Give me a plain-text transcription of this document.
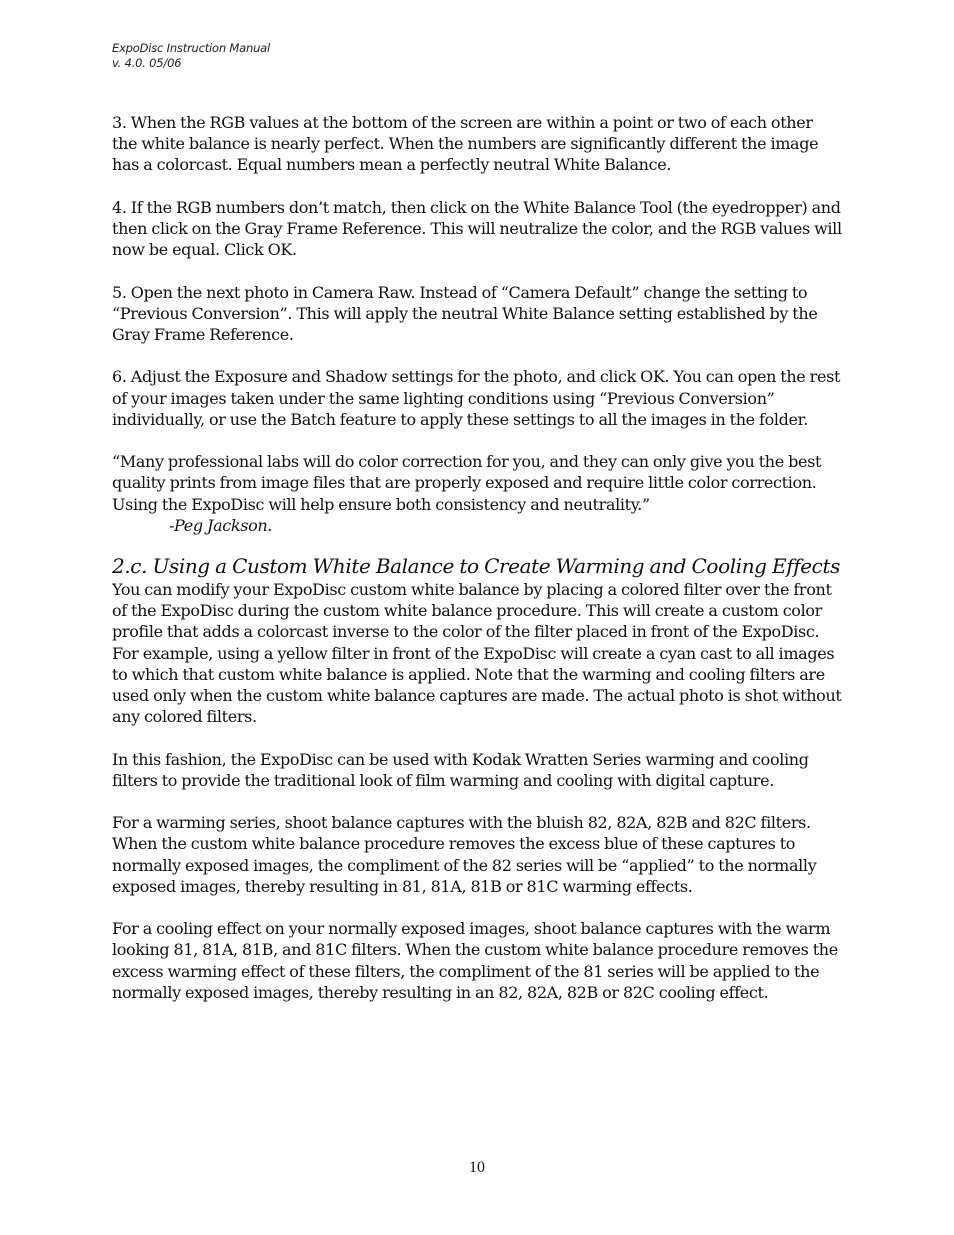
ExpoDisc Instruction Manual
v. 4.0. 05/06

3. When the RGB values at the bottom of the screen are within a point or two of each other the white balance is nearly perfect. When the numbers are significantly different the image has a colorcast. Equal numbers mean a perfectly neutral White Balance.

4. If the RGB numbers don’t match, then click on the White Balance Tool (the eyedropper) and then click on the Gray Frame Reference. This will neutralize the color, and the RGB values will now be equal. Click OK.

5. Open the next photo in Camera Raw. Instead of “Camera Default” change the setting to “Previous Conversion”. This will apply the neutral White Balance setting established by the Gray Frame Reference.

6. Adjust the Exposure and Shadow settings for the photo, and click OK. You can open the rest of your images taken under the same lighting conditions using “Previous Conversion” individually, or use the Batch feature to apply these settings to all the images in the folder.

“Many professional labs will do color correction for you, and they can only give you the best quality prints from image files that are properly exposed and require little color correction. Using the ExpoDisc will help ensure both consistency and neutrality.”

-Peg Jackson.
2.c. Using a Custom White Balance to Create Warming and Cooling Effects

You can modify your ExpoDisc custom white balance by placing a colored filter over the front of the ExpoDisc during the custom white balance procedure. This will create a custom color profile that adds a colorcast inverse to the color of the filter placed in front of the ExpoDisc. For example, using a yellow filter in front of the ExpoDisc will create a cyan cast to all images to which that custom white balance is applied. Note that the warming and cooling filters are used only when the custom white balance captures are made. The actual photo is shot without any colored filters.

In this fashion, the ExpoDisc can be used with Kodak Wratten Series warming and cooling filters to provide the traditional look of film warming and cooling with digital capture.

For a warming series, shoot balance captures with the bluish 82, 82A, 82B and 82C filters. When the custom white balance procedure removes the excess blue of these captures to normally exposed images, the compliment of the 82 series will be “applied” to the normally exposed images, thereby resulting in 81, 81A, 81B or 81C warming effects.

For a cooling effect on your normally exposed images, shoot balance captures with the warm looking 81, 81A, 81B, and 81C filters. When the custom white balance procedure removes the excess warming effect of these filters, the compliment of the 81 series will be applied to the normally exposed images, thereby resulting in an 82, 82A, 82B or 82C cooling effect.

10
